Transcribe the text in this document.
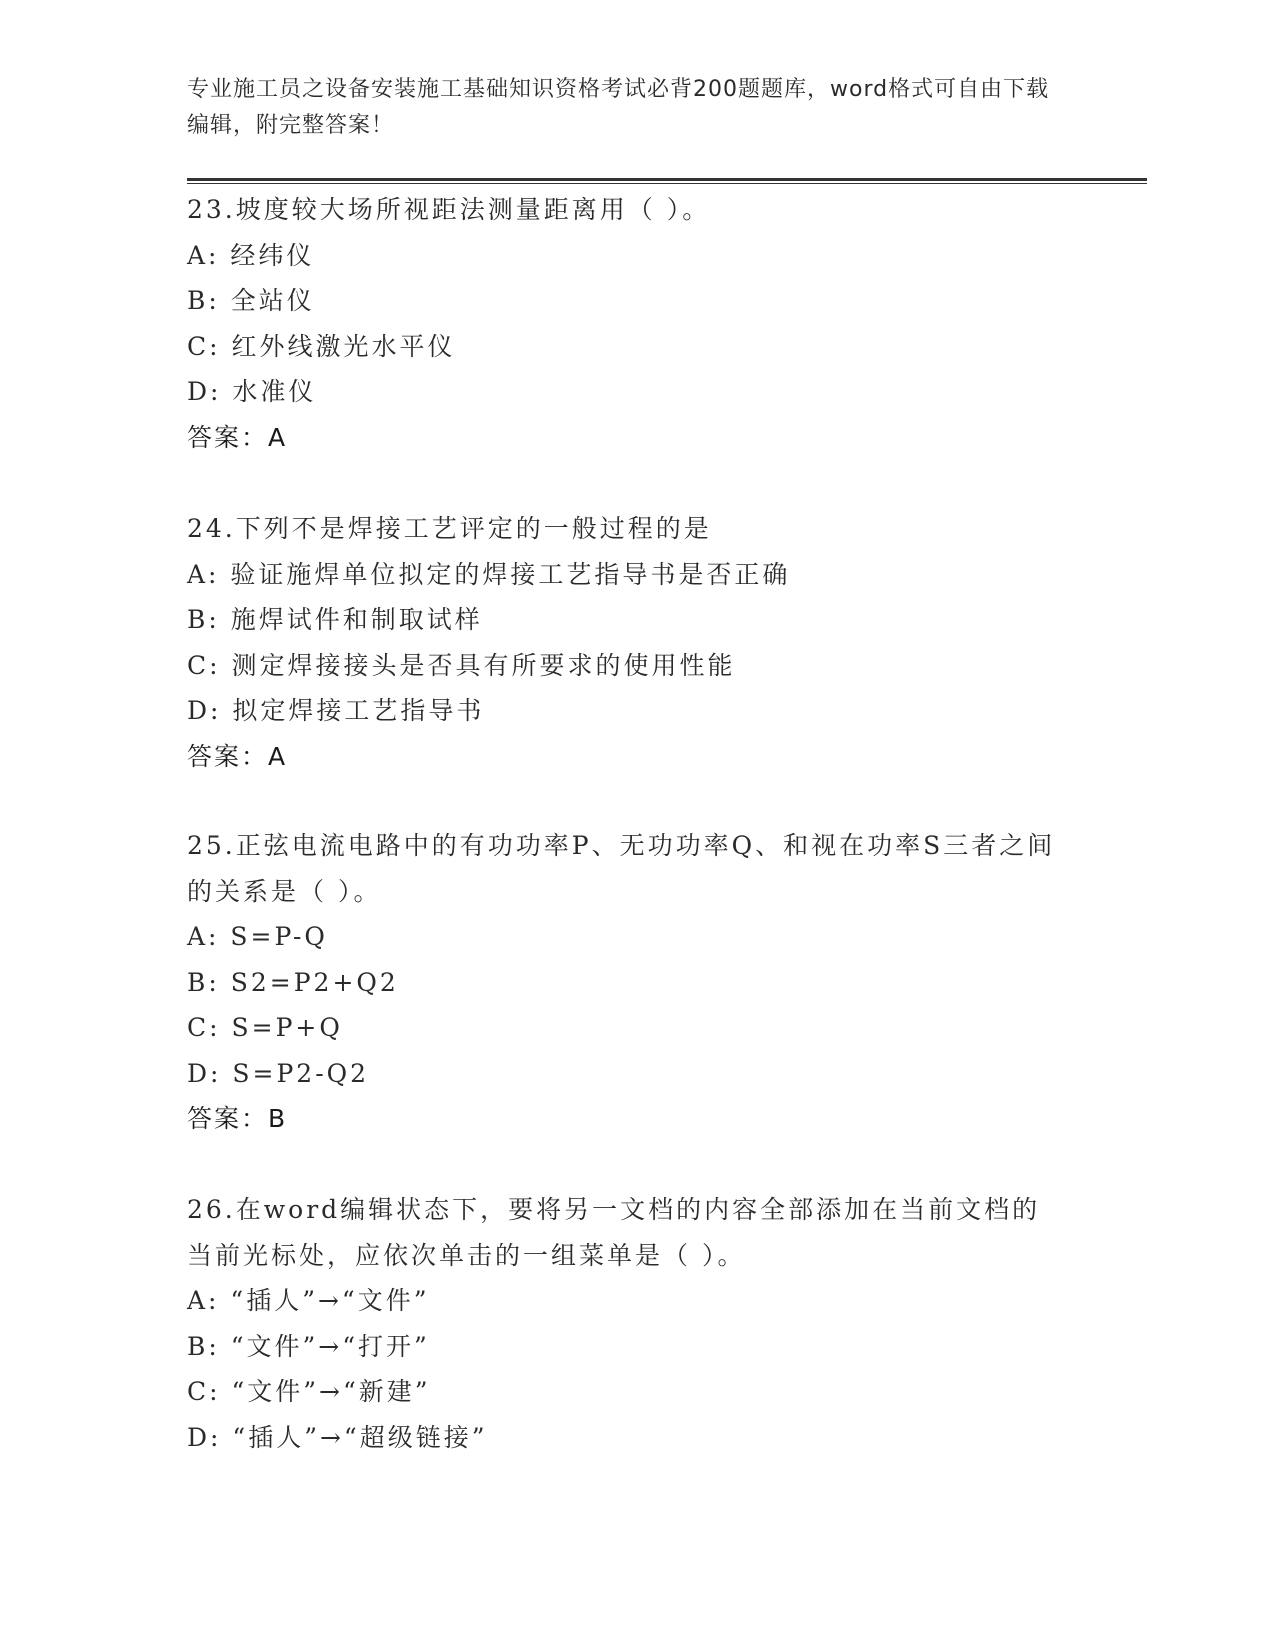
专业施工员之设备安装施工基础知识资格考试必背200题题库，word格式可自由下载编辑，附完整答案！
23.坡度较大场所视距法测量距离用（ ）。
A: 经纬仪
B: 全站仪
C: 红外线激光水平仪
D: 水准仪
答案：A
24.下列不是焊接工艺评定的一般过程的是
A: 验证施焊单位拟定的焊接工艺指导书是否正确
B: 施焊试件和制取试样
C: 测定焊接接头是否具有所要求的使用性能
D: 拟定焊接工艺指导书
答案：A
25.正弦电流电路中的有功功率P、无功功率Q、和视在功率S三者之间的关系是（ ）。
A: S=P-Q
B: S2=P2+Q2
C: S=P+Q
D: S=P2-Q2
答案：B
26.在word编辑状态下，要将另一文档的内容全部添加在当前文档的当前光标处，应依次单击的一组菜单是（ ）。
A: “插人”→“文件”
B: “文件”→“打开”
C: “文件”→“新建”
D: “插人”→“超级链接”
